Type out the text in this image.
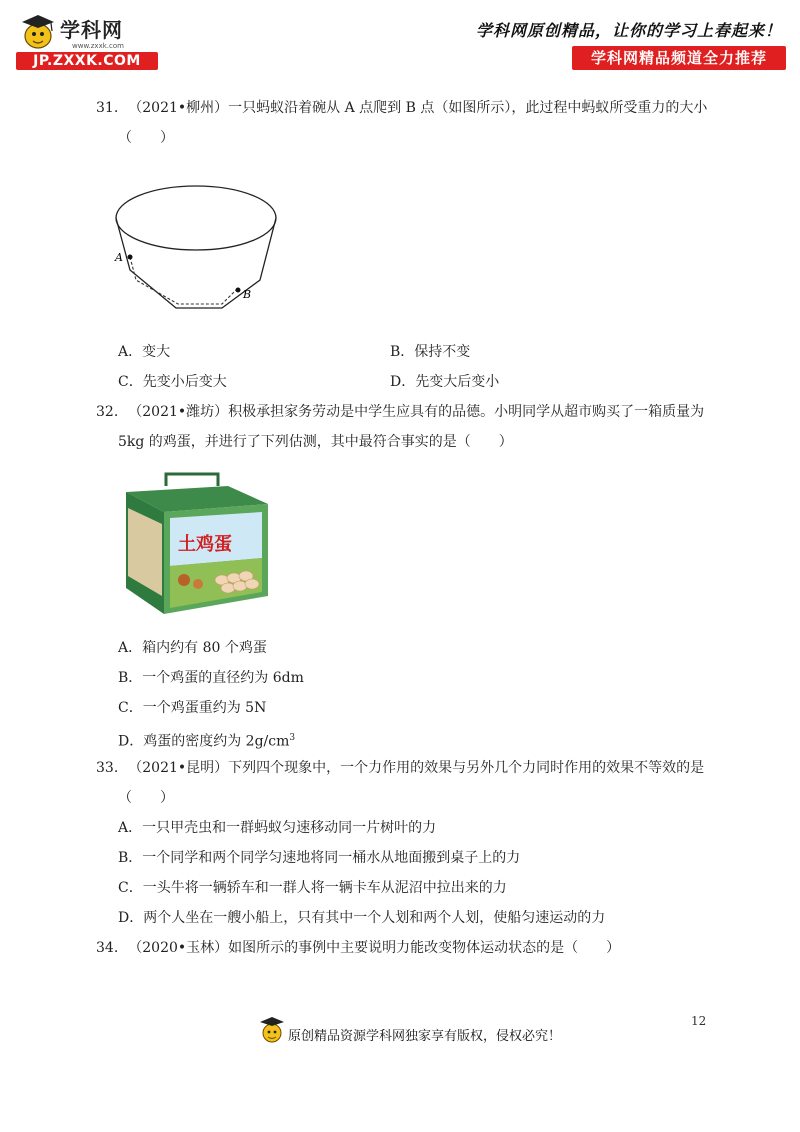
学科网
www.zxxk.com
JP.ZXXK.COM
学科网原创精品，让你的学习上春起来！
学科网精品频道全力推荐
31. （2021•柳州）一只蚂蚁沿着碗从 A 点爬到 B 点（如图所示），此过程中蚂蚁所受重力的大小
（　　）
A
B
A．变大	B．保持不变
C．先变小后变大	D．先变大后变小
32. （2021•潍坊）积极承担家务劳动是中学生应具有的品德。小明同学从超市购买了一箱质量为
5kg 的鸡蛋，并进行了下列估测，其中最符合事实的是（　　）
土鸡蛋
A．箱内约有 80 个鸡蛋
B．一个鸡蛋的直径约为 6dm
C．一个鸡蛋重约为 5N
D．鸡蛋的密度约为 $2g/cm^3$
33. （2021•昆明）下列四个现象中，一个力作用的效果与另外几个力同时作用的效果不等效的是
（　　）
A．一只甲壳虫和一群蚂蚁匀速移动同一片树叶的力
B．一个同学和两个同学匀速地将同一桶水从地面搬到桌子上的力
C．一头牛将一辆轿车和一群人将一辆卡车从泥沼中拉出来的力
D．两个人坐在一艘小船上，只有其中一个人划和两个人划，使船匀速运动的力
34. （2020•玉林）如图所示的事例中主要说明力能改变物体运动状态的是（　　）
12
原创精品资源学科网独家享有版权，侵权必究！
